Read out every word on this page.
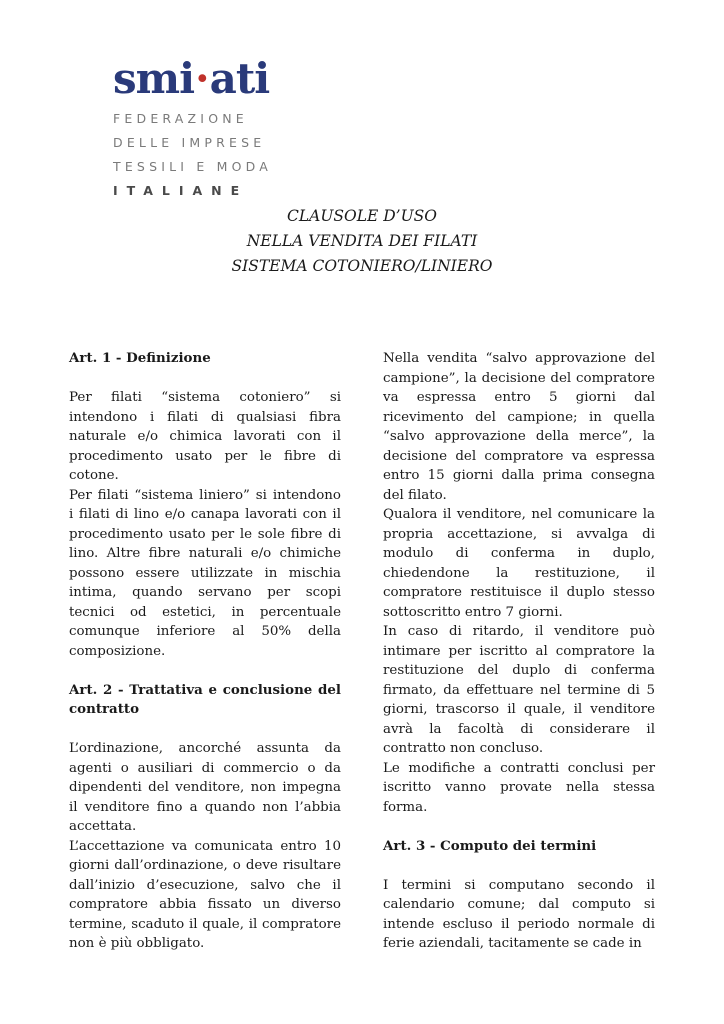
smi · ati
FEDERAZIONE
DELLE IMPRESE
TESSILI E MODA
ITALIANE
CLAUSOLE D’USO
NELLA VENDITA DEI FILATI
SISTEMA COTONIERO/LINIERO
Art. 1 - Definizione

Per filati “sistema cotoniero” si intendono i filati di qualsiasi fibra naturale e/o chimica lavorati con il procedimento usato per le fibre di cotone.

Per filati “sistema liniero” si intendono i filati di lino e/o canapa lavorati con il procedimento usato per le sole fibre di lino. Altre fibre naturali e/o chimiche possono essere utilizzate in mischia intima, quando servano per scopi tecnici od estetici, in percentuale comunque inferiore al 50% della composizione.

Art. 2 - Trattativa e conclusione del contratto

L’ordinazione, ancorché assunta da agenti o ausiliari di commercio o da dipendenti del venditore, non impegna il venditore fino a quando non l’abbia accettata.

L’accettazione va comunicata entro 10 giorni dall’ordinazione, o deve risultare dall’inizio d’esecuzione, salvo che il compratore abbia fissato un diverso termine, scaduto il quale, il compratore non è più obbligato.

Nella vendita “salvo approvazione del campione”, la decisione del compratore va espressa entro 5 giorni dal ricevimento del campione; in quella “salvo approvazione della merce”, la decisione del compratore va espressa entro 15 giorni dalla prima consegna del filato.

Qualora il venditore, nel comunicare la propria accettazione, si avvalga di modulo di conferma in duplo, chiedendone la restituzione, il compratore restituisce il duplo stesso sottoscritto entro 7 giorni.

In caso di ritardo, il venditore può intimare per iscritto al compratore la restituzione del duplo di conferma firmato, da effettuare nel termine di 5 giorni, trascorso il quale, il venditore avrà la facoltà di considerare il contratto non concluso.

Le modifiche a contratti conclusi per iscritto vanno provate nella stessa forma.

Art. 3 - Computo dei termini

I termini si computano secondo il calendario comune; dal computo si intende escluso il periodo normale di ferie aziendali, tacitamente se cade in
